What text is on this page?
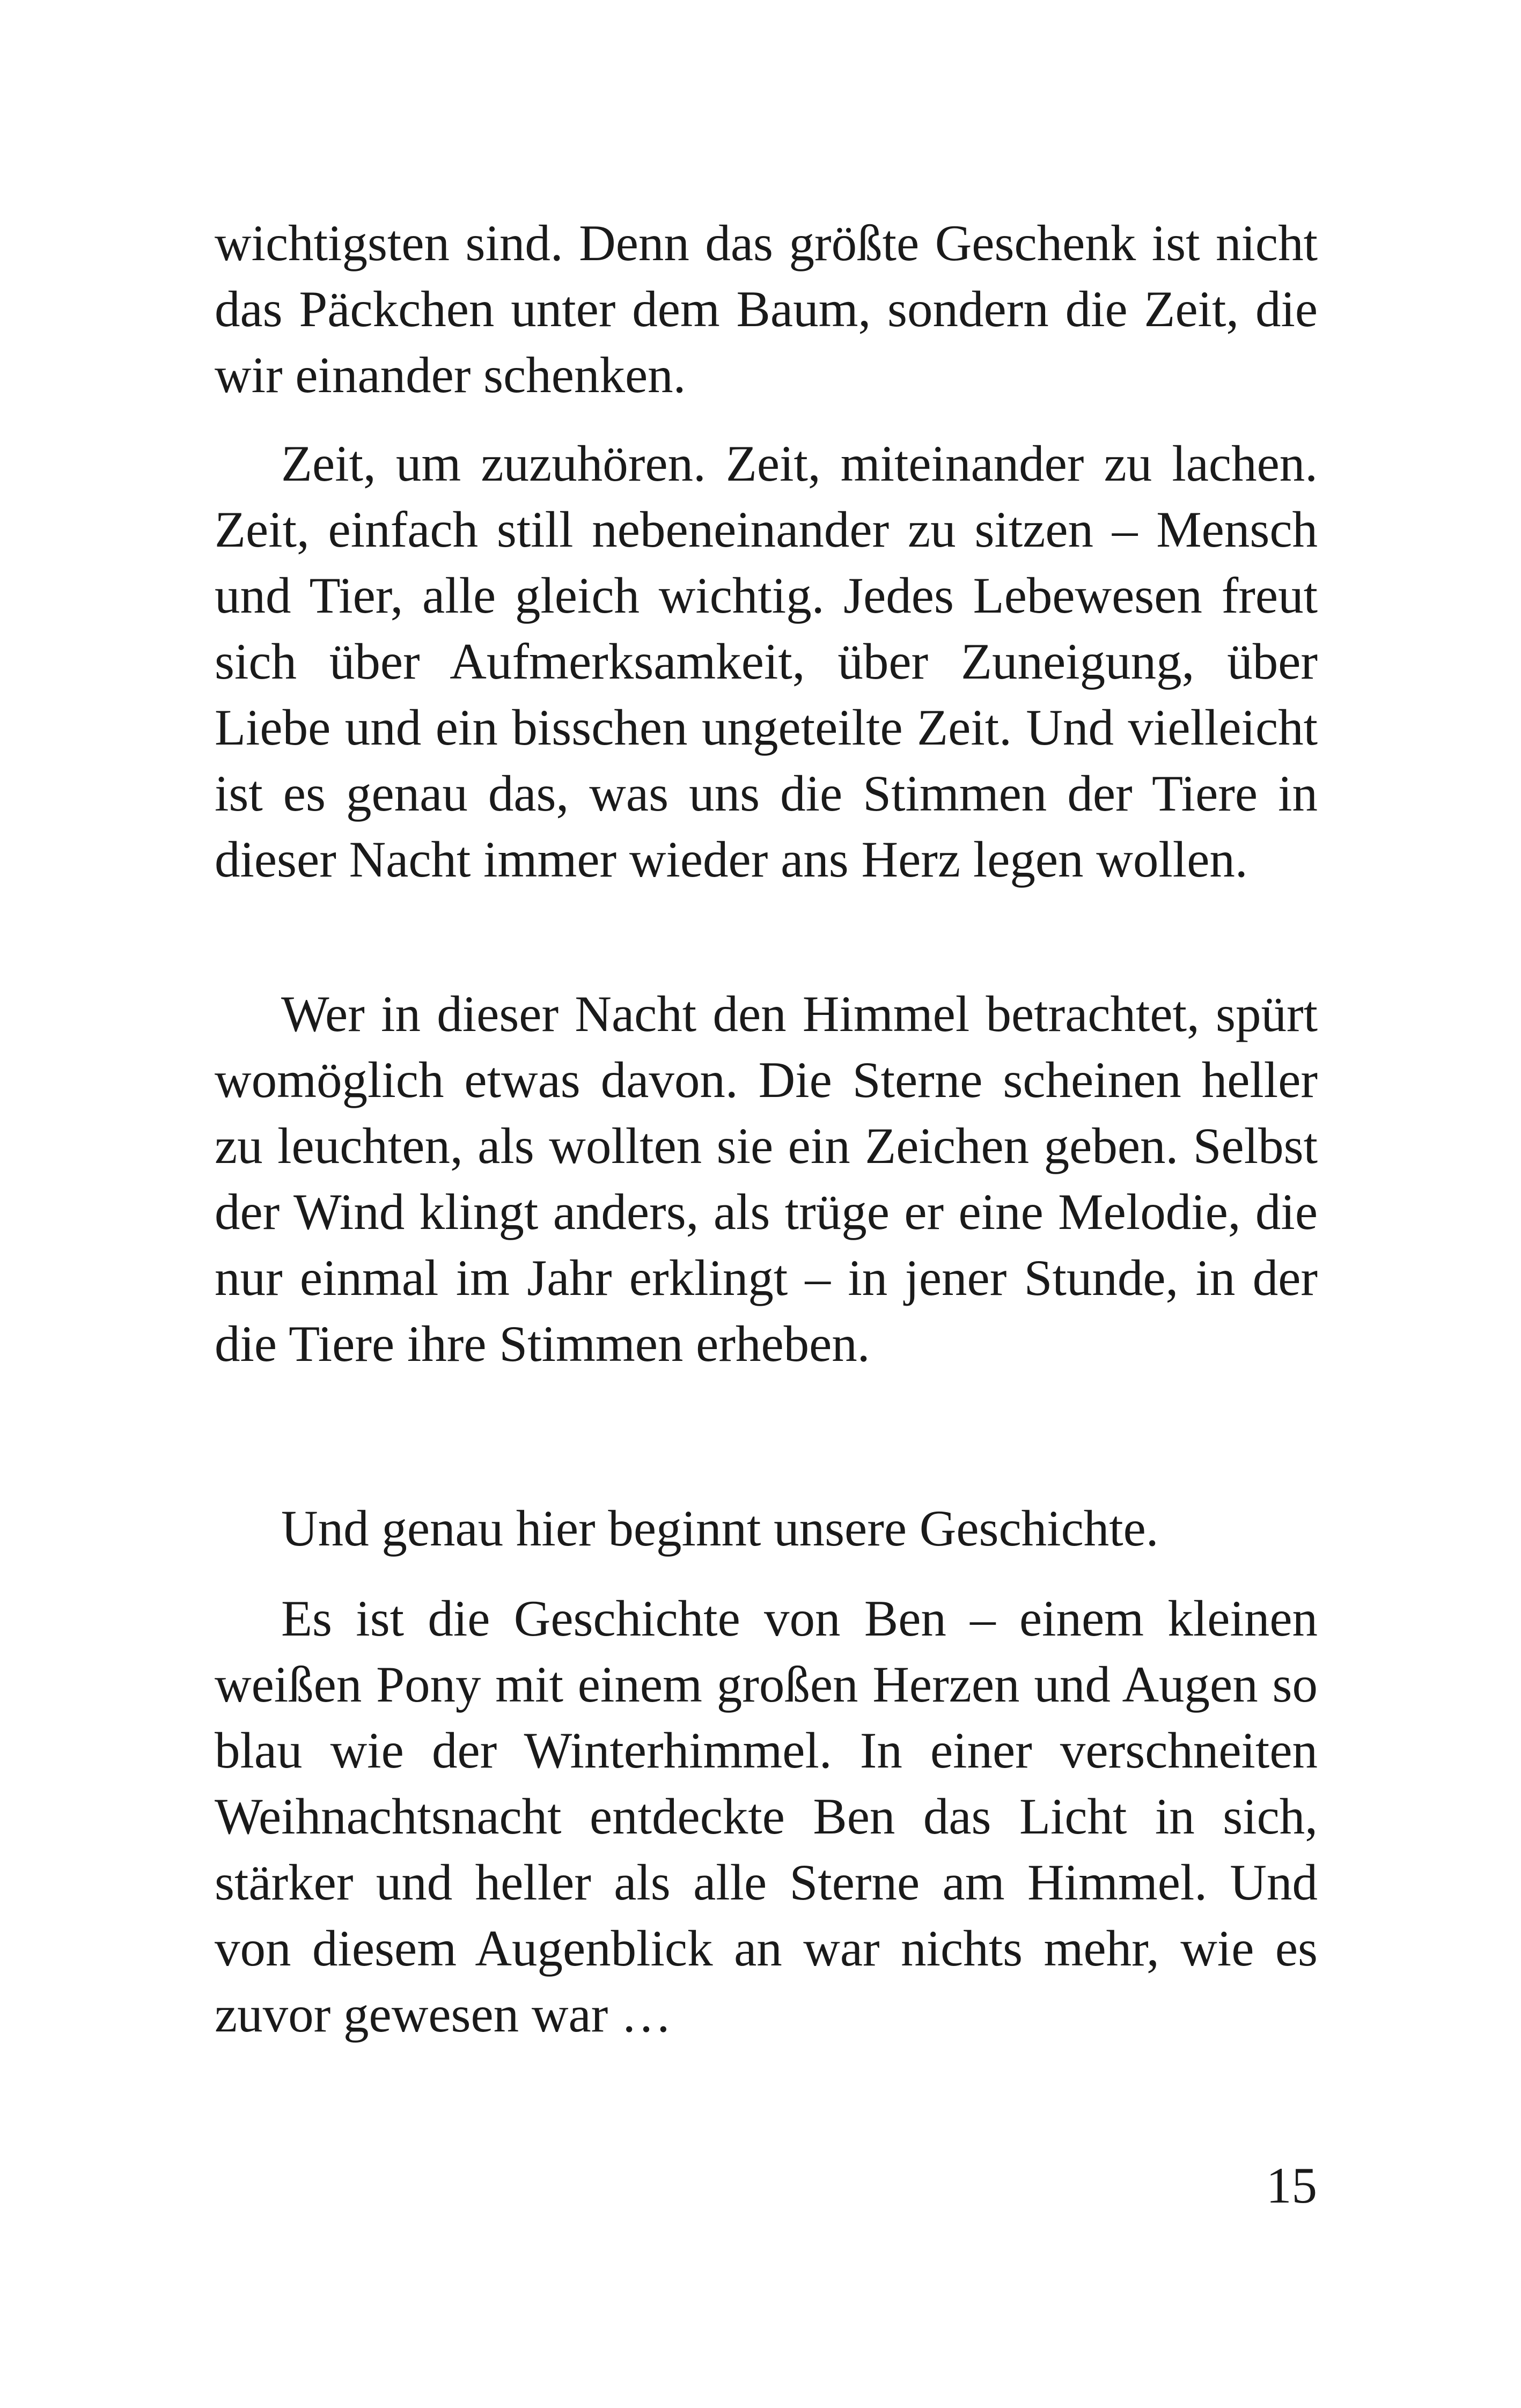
wichtigsten sind. Denn das größte Geschenk ist nicht das Päckchen unter dem Baum, sondern die Zeit, die wir einander schenken.

Zeit, um zuzuhören. Zeit, miteinander zu lachen. Zeit, einfach still nebeneinander zu sitzen – Mensch und Tier, alle gleich wichtig. Jedes Lebewesen freut sich über Aufmerksamkeit, über Zuneigung, über Liebe und ein bisschen ungeteilte Zeit. Und vielleicht ist es genau das, was uns die Stimmen der Tiere in dieser Nacht immer wieder ans Herz legen wollen.

Wer in dieser Nacht den Himmel betrachtet, spürt womöglich etwas davon. Die Sterne scheinen heller zu leuchten, als wollten sie ein Zeichen geben. Selbst der Wind klingt anders, als trüge er eine Melodie, die nur einmal im Jahr erklingt – in jener Stunde, in der die Tiere ihre Stimmen erheben.

Und genau hier beginnt unsere Geschichte.

Es ist die Geschichte von Ben – einem kleinen weißen Pony mit einem großen Herzen und Augen so blau wie der Winterhimmel. In einer verschneiten Weihnachtsnacht entdeckte Ben das Licht in sich, stärker und heller als alle Sterne am Himmel. Und von diesem Augenblick an war nichts mehr, wie es zuvor gewesen war …

15
